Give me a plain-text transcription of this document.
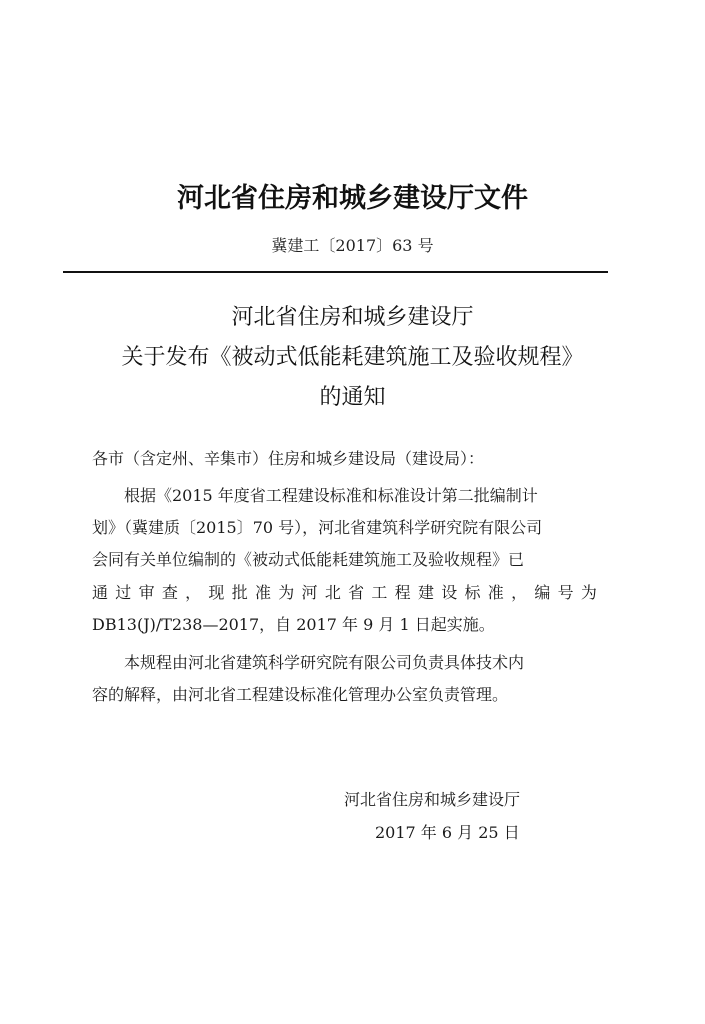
河北省住房和城乡建设厅文件
冀建工〔2017〕63 号
河北省住房和城乡建设厅
关于发布《被动式低能耗建筑施工及验收规程》
的通知
各市（含定州、辛集市）住房和城乡建设局（建设局）：
根据《2015 年度省工程建设标准和标准设计第二批编制计
划》（冀建质〔2015〕70 号），河北省建筑科学研究院有限公司
会同有关单位编制的《被动式低能耗建筑施工及验收规程》已
通 过 审 查 ， 现 批 准 为 河 北 省 工 程 建 设 标 准 ， 编 号 为
DB13(J)/T238—2017，自 2017 年 9 月 1 日起实施。
本规程由河北省建筑科学研究院有限公司负责具体技术内
容的解释，由河北省工程建设标准化管理办公室负责管理。
河北省住房和城乡建设厅
2017 年 6 月 25 日
